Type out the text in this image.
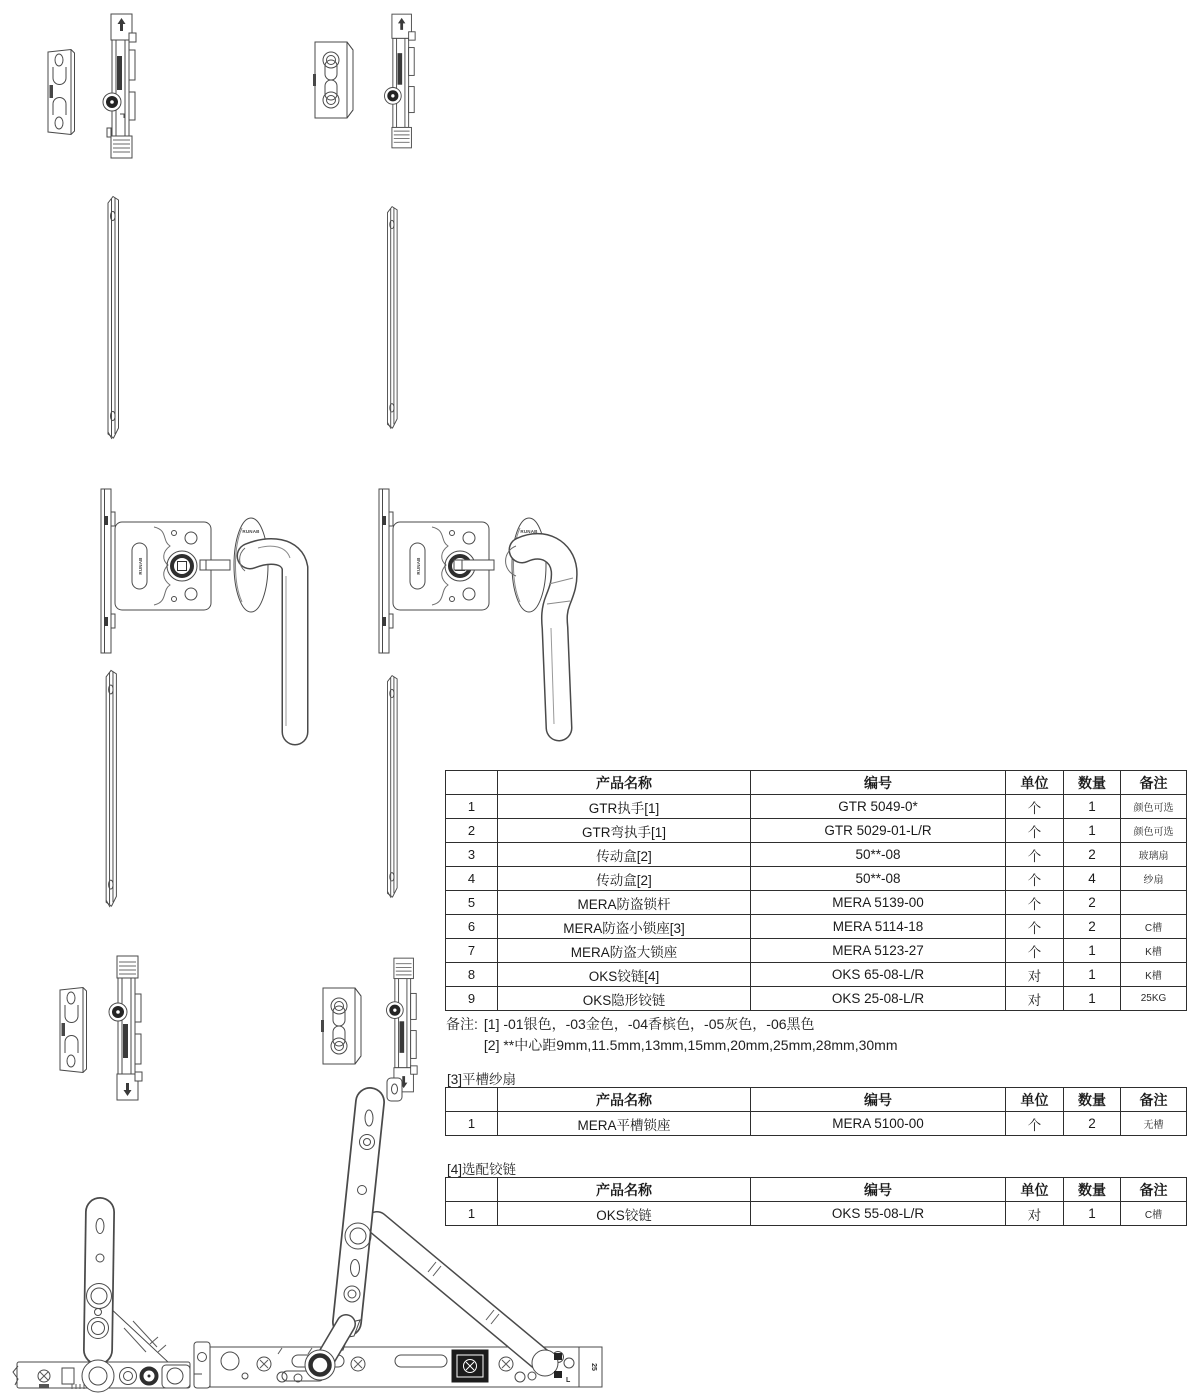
RUNAB	RUNAB
RUNAB	RUNAB
25
L
	产品名称	编号	单位	数量	备注
1	GTR执手[1]	GTR 5049-0*	个	1	颜色可选
2	GTR弯执手[1]	GTR 5029-01-L/R	个	1	颜色可选
3	传动盒[2]	50**-08	个	2	玻璃扇
4	传动盒[2]	50**-08	个	4	纱扇
5	MERA防盗锁杆	MERA 5139-00	个	2	
6	MERA防盗小锁座[3]	MERA 5114-18	个	2	C槽
7	MERA防盗大锁座	MERA 5123-27	个	1	K槽
8	OKS铰链[4]	OKS 65-08-L/R	对	1	K槽
9	OKS隐形铰链	OKS 25-08-L/R	对	1	25KG
备注: [1] -01银色，-03金色，-04香槟色，-05灰色，-06黑色
[2] **中心距9mm,11.5mm,13mm,15mm,20mm,25mm,28mm,30mm
[3]平槽纱扇
	产品名称	编号	单位	数量	备注
1	MERA平槽锁座	MERA 5100-00	个	2	无槽
[4]选配铰链
	产品名称	编号	单位	数量	备注
1	OKS铰链	OKS 55-08-L/R	对	1	C槽
